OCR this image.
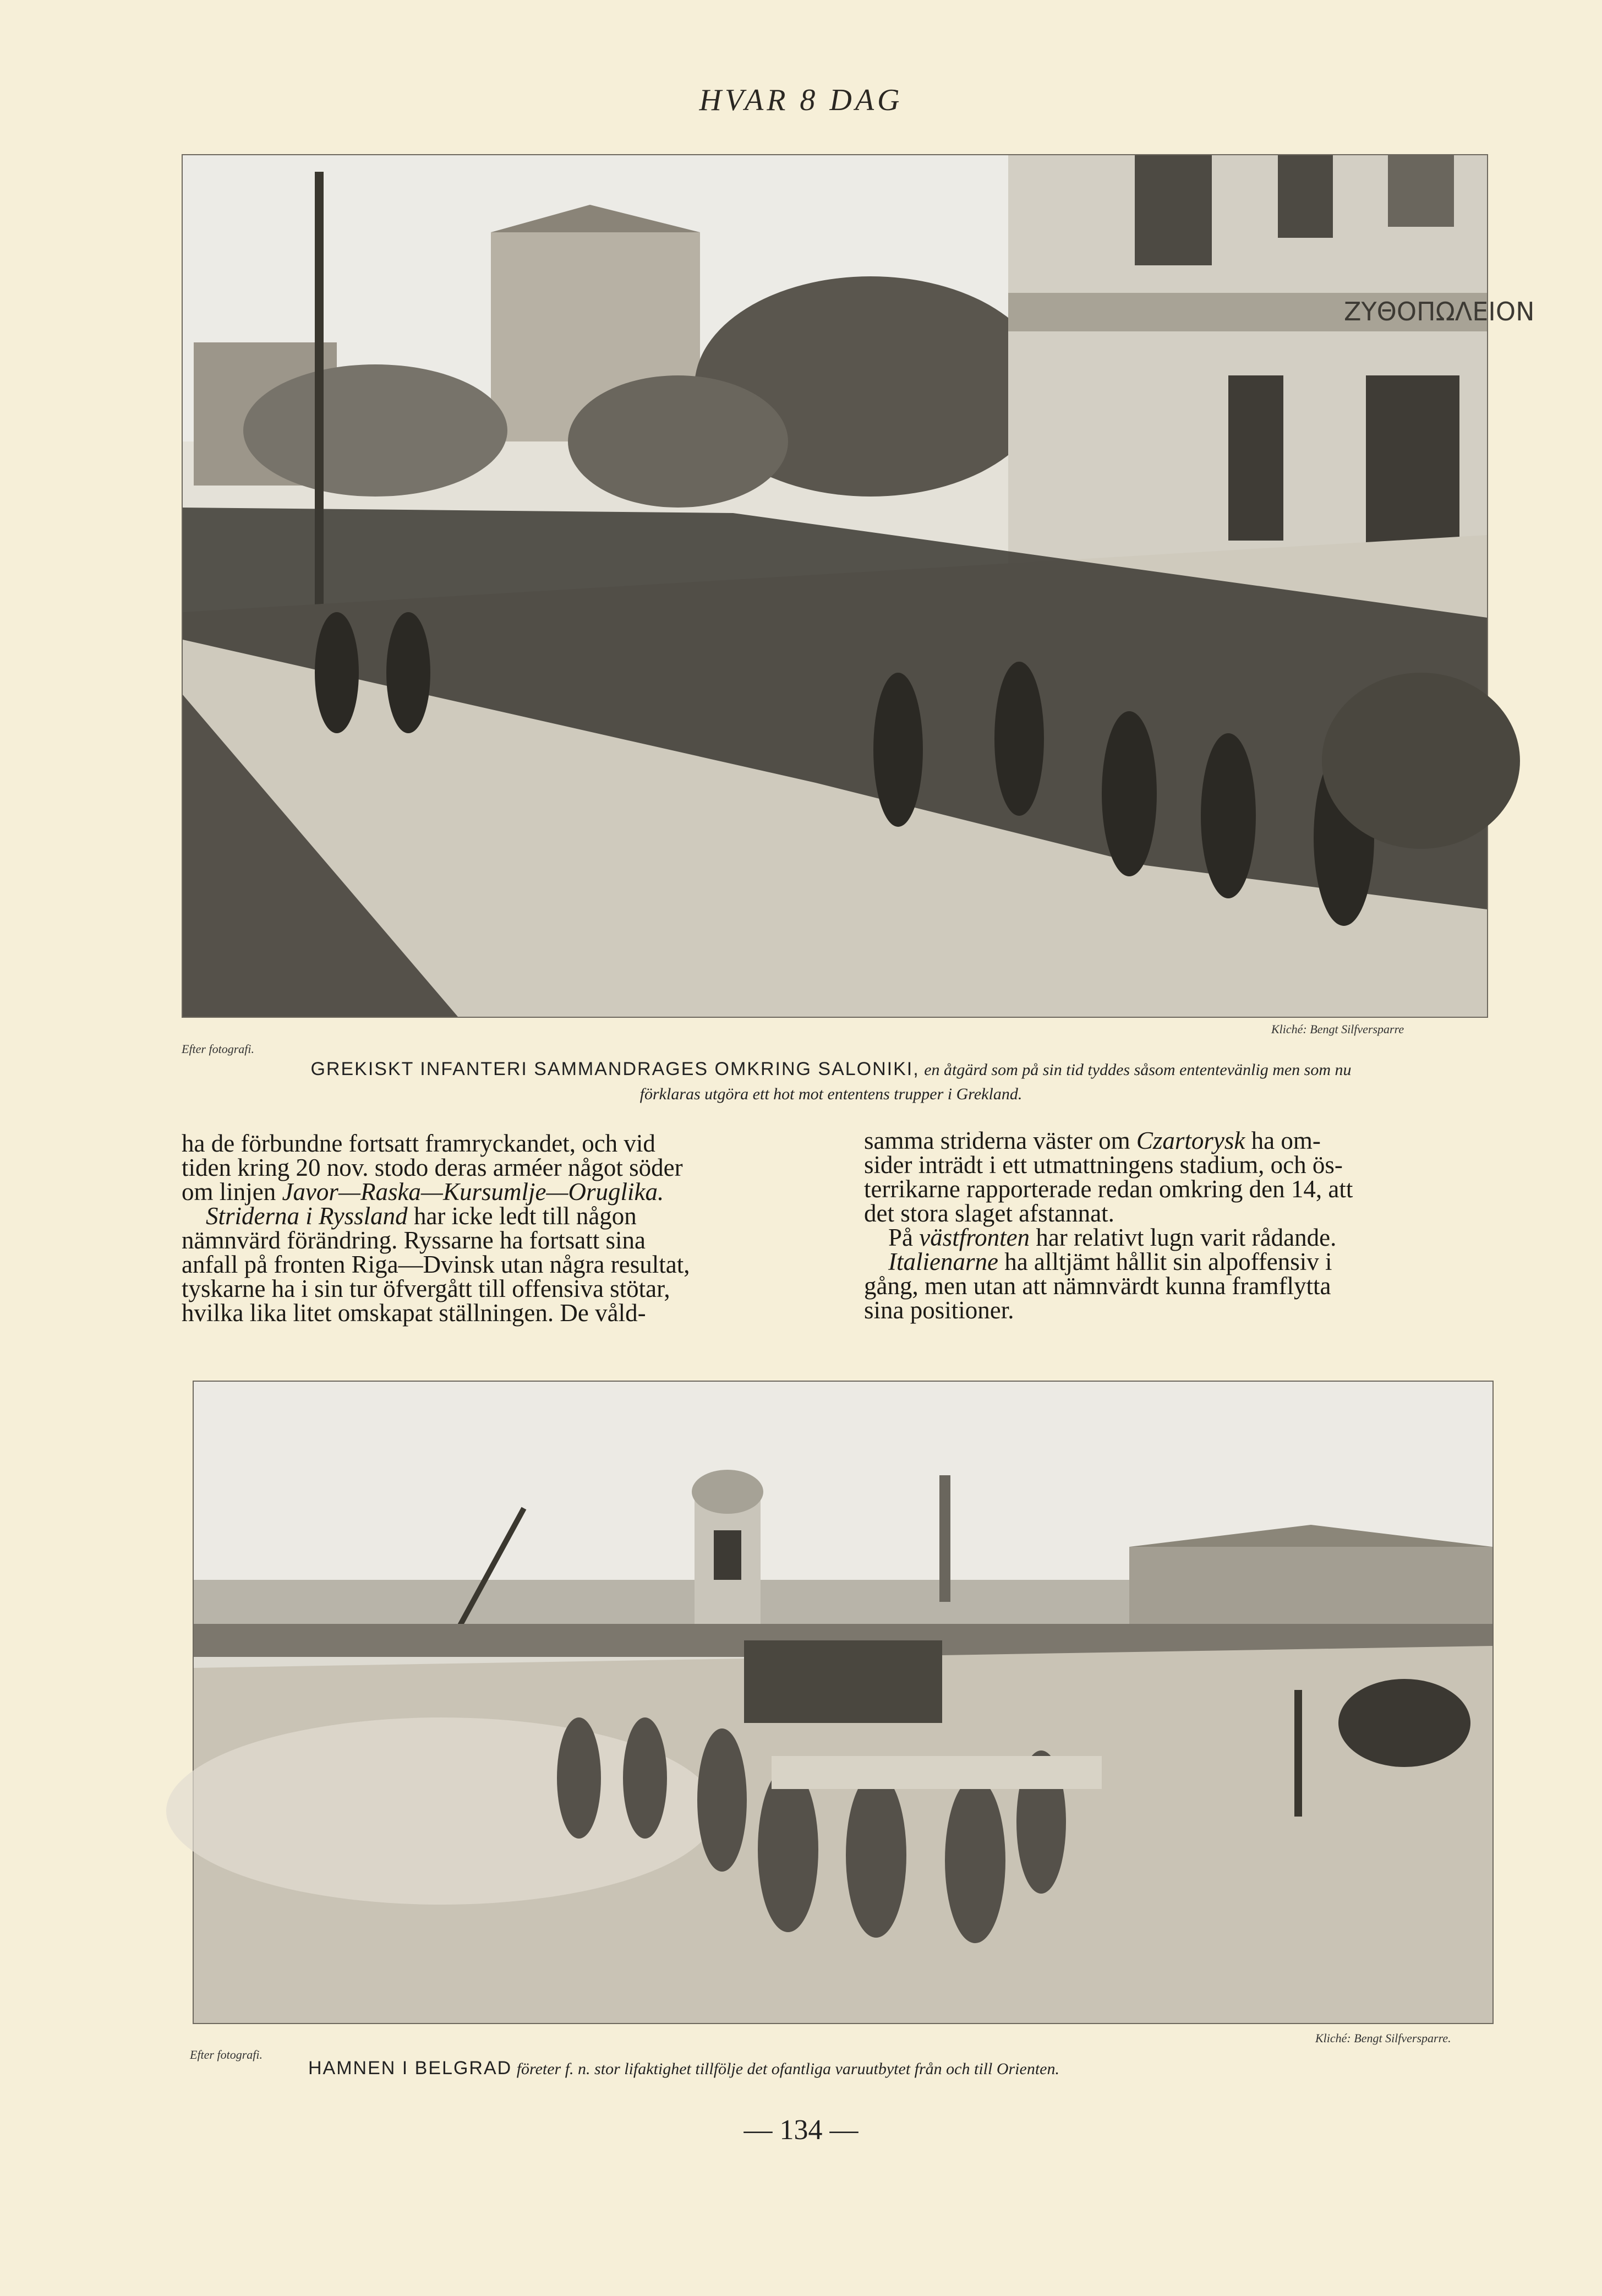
HVAR 8 DAG
ΖΥΘΟΠΩΛΕΙΟΝ
Efter fotografi.
Kliché: Bengt Silfversparre
GREKISKT INFANTERI SAMMANDRAGES OMKRING SALONIKI, en åtgärd som på sin tid tyddes såsom ententevänlig men som nu
förklaras utgöra ett hot mot ententens trupper i Grekland.

ha de förbundne fortsatt framryckandet, och vid

tiden kring 20 nov. stodo deras arméer något söder

om linjen Javor—Raska—Kursumlje—Oruglika.

Striderna i Ryssland har icke ledt till någon

nämnvärd förändring. Ryssarne ha fortsatt sina

anfall på fronten Riga—Dvinsk utan några resultat,

tyskarne ha i sin tur öfvergått till offensiva stötar,

hvilka lika litet omskapat ställningen. De våld-

samma striderna väster om Czartorysk ha om-

sider inträdt i ett utmattningens stadium, och ös-

terrikarne rapporterade redan omkring den 14, att

det stora slaget afstannat.

På västfronten har relativt lugn varit rådande.

Italienarne ha alltjämt hållit sin alpoffensiv i

gång, men utan att nämnvärdt kunna framflytta

sina positioner.

Efter fotografi.
Kliché: Bengt Silfversparre.
HAMNEN I BELGRAD företer f. n. stor lifaktighet tillfölje det ofantliga varuutbytet från och till Orienten.
— 134 —
